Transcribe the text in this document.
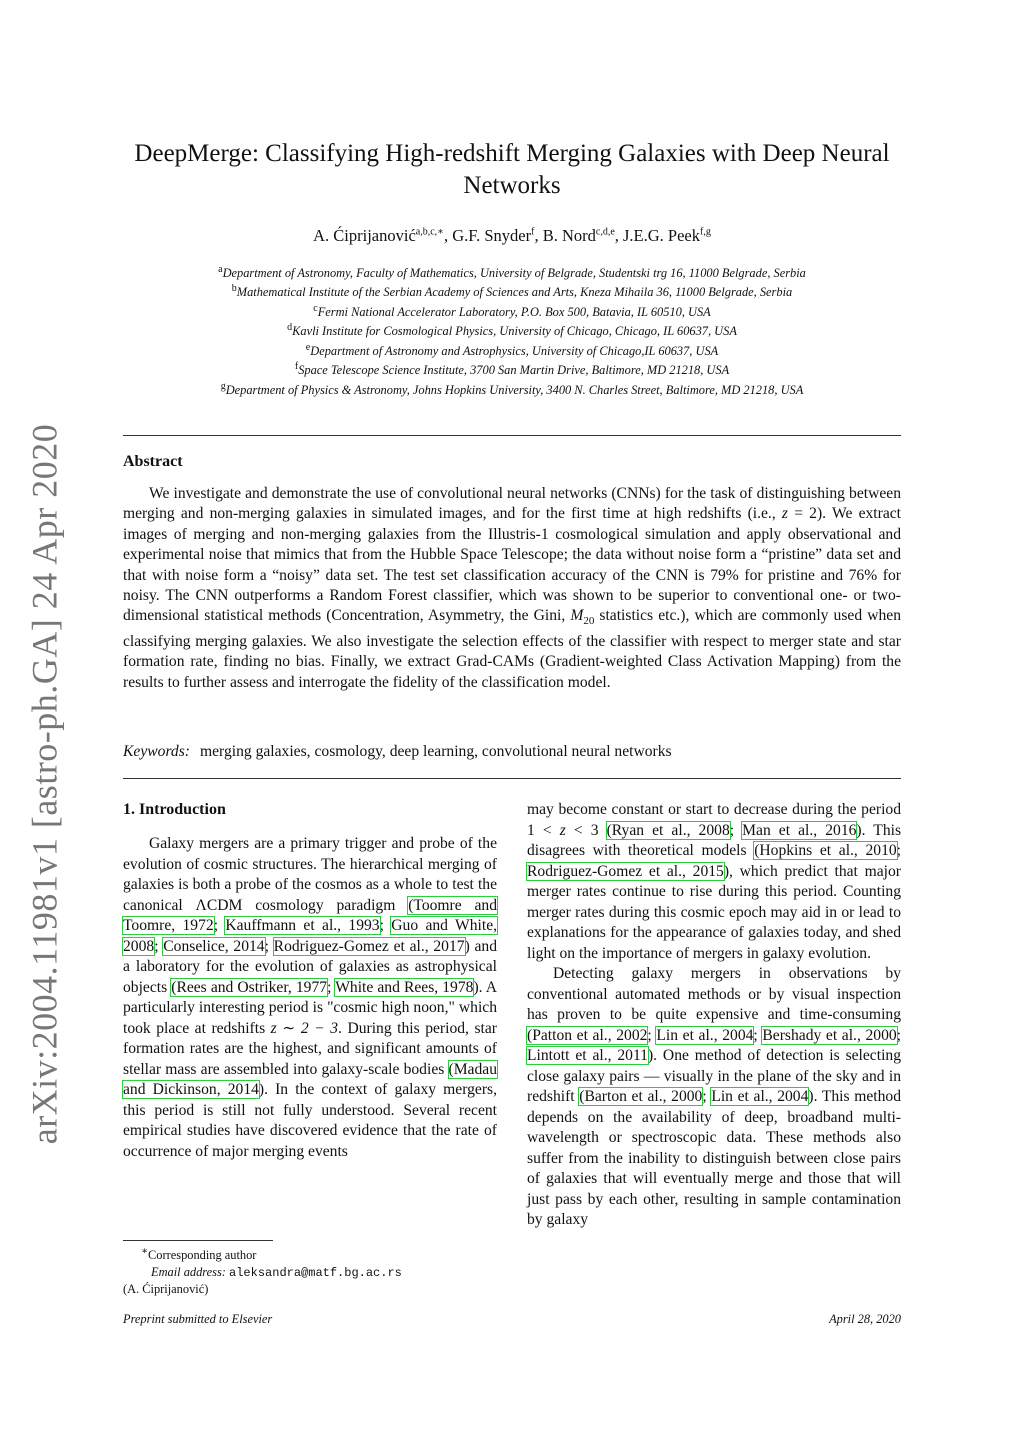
arXiv:2004.11981v1 [astro-ph.GA] 24 Apr 2020
DeepMerge: Classifying High-redshift Merging Galaxies with Deep Neural Networks
A. Ćiprijanović$^{a,b,c,∗}$, G.F. Snyder$^f$, B. Nord$^{c,d,e}$, J.E.G. Peek$^{f,g}$
$^a$Department of Astronomy, Faculty of Mathematics, University of Belgrade, Studentski trg 16, 11000 Belgrade, Serbia
$^b$Mathematical Institute of the Serbian Academy of Sciences and Arts, Kneza Mihaila 36, 11000 Belgrade, Serbia
$^c$Fermi National Accelerator Laboratory, P.O. Box 500, Batavia, IL 60510, USA
$^d$Kavli Institute for Cosmological Physics, University of Chicago, Chicago, IL 60637, USA
$^e$Department of Astronomy and Astrophysics, University of Chicago,IL 60637, USA
$^f$Space Telescope Science Institute, 3700 San Martin Drive, Baltimore, MD 21218, USA
$^g$Department of Physics & Astronomy, Johns Hopkins University, 3400 N. Charles Street, Baltimore, MD 21218, USA
Abstract
We investigate and demonstrate the use of convolutional neural networks (CNNs) for the task of distinguishing between merging and non-merging galaxies in simulated images, and for the first time at high redshifts (i.e., z = 2). We extract images of merging and non-merging galaxies from the Illustris-1 cosmological simulation and apply observational and experimental noise that mimics that from the Hubble Space Telescope; the data without noise form a “pristine” data set and that with noise form a “noisy” data set. The test set classification accuracy of the CNN is 79% for pristine and 76% for noisy. The CNN outperforms a Random Forest classifier, which was shown to be superior to conventional one- or two-dimensional statistical methods (Concentration, Asymmetry, the Gini, $M_{20}$ statistics etc.), which are commonly used when classifying merging galaxies. We also investigate the selection effects of the classifier with respect to merger state and star formation rate, finding no bias. Finally, we extract Grad-CAMs (Gradient-weighted Class Activation Mapping) from the results to further assess and interrogate the fidelity of the classification model.
Keywords: merging galaxies, cosmology, deep learning, convolutional neural networks
1. Introduction

Galaxy mergers are a primary trigger and probe of the evolution of cosmic structures. The hierarchical merging of galaxies is both a probe of the cosmos as a whole to test the canonical ΛCDM cosmology paradigm (Toomre and Toomre, 1972; Kauffmann et al., 1993; Guo and White, 2008; Conselice, 2014; Rodriguez-Gomez et al., 2017) and a laboratory for the evolution of galaxies as astrophysical objects (Rees and Ostriker, 1977; White and Rees, 1978). A particularly interesting period is "cosmic high noon," which took place at redshifts z ∼ 2 − 3. During this period, star formation rates are the highest, and significant amounts of stellar mass are assembled into galaxy-scale bodies (Madau and Dickinson, 2014). In the context of galaxy mergers, this period is still not fully understood. Several recent empirical studies have discovered evidence that the rate of occurrence of major merging events

may become constant or start to decrease during the period 1 < z < 3 (Ryan et al., 2008; Man et al., 2016). This disagrees with theoretical models (Hopkins et al., 2010; Rodriguez-Gomez et al., 2015), which predict that major merger rates continue to rise during this period. Counting merger rates during this cosmic epoch may aid in or lead to explanations for the appearance of galaxies today, and shed light on the importance of mergers in galaxy evolution.

Detecting galaxy mergers in observations by conventional automated methods or by visual inspection has proven to be quite expensive and time-consuming (Patton et al., 2002; Lin et al., 2004; Bershady et al., 2000; Lintott et al., 2011). One method of detection is selecting close galaxy pairs — visually in the plane of the sky and in redshift (Barton et al., 2000; Lin et al., 2004). This method depends on the availability of deep, broadband multi-wavelength or spectroscopic data. These methods also suffer from the inability to distinguish between close pairs of galaxies that will eventually merge and those that will just pass by each other, resulting in sample contamination by galaxy

∗Corresponding author
Email address: aleksandra@matf.bg.ac.rs
(A. Ćiprijanović)
Preprint submitted to Elsevier	April 28, 2020
